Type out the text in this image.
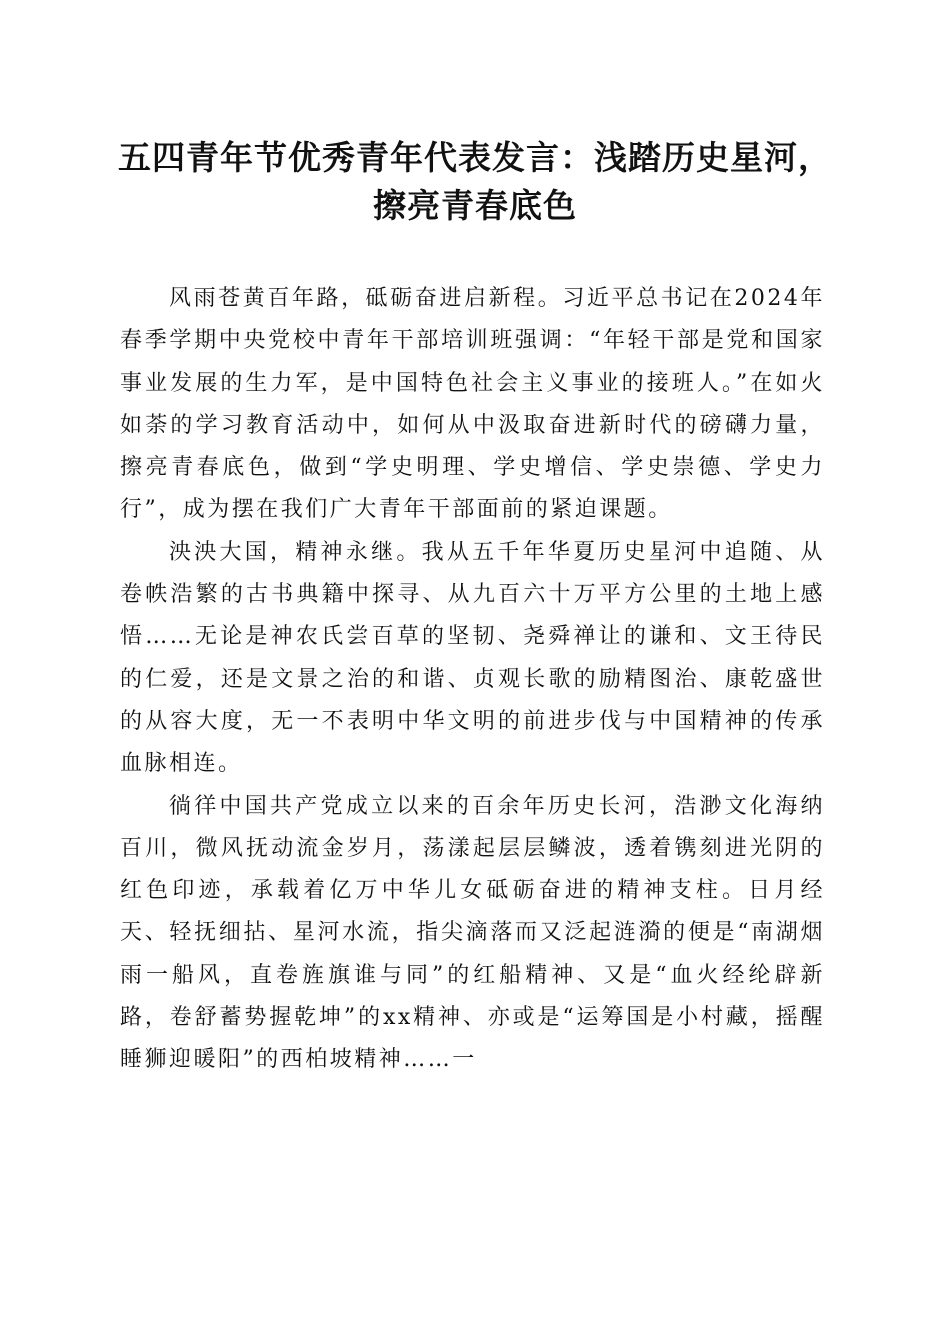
五四青年节优秀青年代表发言：浅踏历史星河，
擦亮青春底色

风雨苍黄百年路，砥砺奋进启新程。习近平总书记在2024年春季学期中央党校中青年干部培训班强调：“年轻干部是党和国家事业发展的生力军，是中国特色社会主义事业的接班人。”在如火如荼的学习教育活动中，如何从中汲取奋进新时代的磅礴力量，擦亮青春底色，做到“学史明理、学史增信、学史崇德、学史力行”，成为摆在我们广大青年干部面前的紧迫课题。

泱泱大国，精神永继。我从五千年华夏历史星河中追随、从卷帙浩繁的古书典籍中探寻、从九百六十万平方公里的土地上感悟……无论是神农氏尝百草的坚韧、尧舜禅让的谦和、文王待民的仁爱，还是文景之治的和谐、贞观长歌的励精图治、康乾盛世的从容大度，无一不表明中华文明的前进步伐与中国精神的传承血脉相连。

徜徉中国共产党成立以来的百余年历史长河，浩渺文化海纳百川，微风抚动流金岁月，荡漾起层层鳞波，透着镌刻进光阴的红色印迹，承载着亿万中华儿女砥砺奋进的精神支柱。日月经天、轻抚细拈、星河水流，指尖滴落而又泛起涟漪的便是“南湖烟雨一船风，直卷旌旗谁与同”的红船精神、又是“血火经纶辟新路，卷舒蓄势握乾坤”的xx精神、亦或是“运筹国是小村藏，摇醒睡狮迎暖阳”的西柏坡精神……一
